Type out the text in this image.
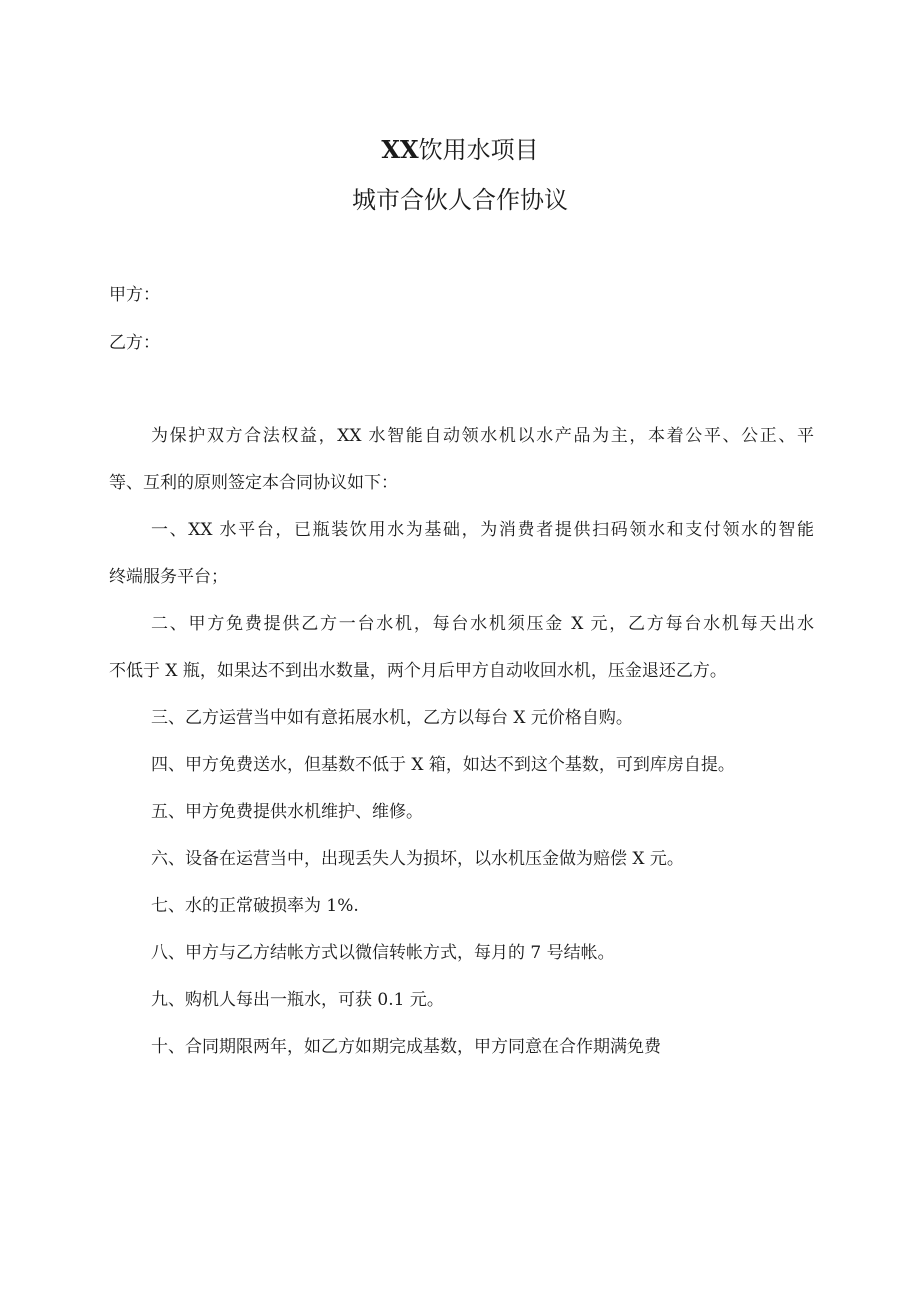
XX饮用水项目
城市合伙人合作协议
甲方：
乙方：
为保护双方合法权益，XX 水智能自动领水机以水产品为主，本着公平、公正、平
等、互利的原则签定本合同协议如下：
一、XX 水平台，已瓶装饮用水为基础，为消费者提供扫码领水和支付领水的智能
终端服务平台；
二、甲方免费提供乙方一台水机，每台水机须压金 X 元，乙方每台水机每天出水
不低于 X 瓶，如果达不到出水数量，两个月后甲方自动收回水机，压金退还乙方。
三、乙方运营当中如有意拓展水机，乙方以每台 X 元价格自购。
四、甲方免费送水，但基数不低于 X 箱，如达不到这个基数，可到库房自提。
五、甲方免费提供水机维护、维修。
六、设备在运营当中，出现丢失人为损坏，以水机压金做为赔偿 X 元。
七、水的正常破损率为 1%.
八、甲方与乙方结帐方式以微信转帐方式，每月的 7 号结帐。
九、购机人每出一瓶水，可获 0.1 元。
十、合同期限两年，如乙方如期完成基数，甲方同意在合作期满免费
